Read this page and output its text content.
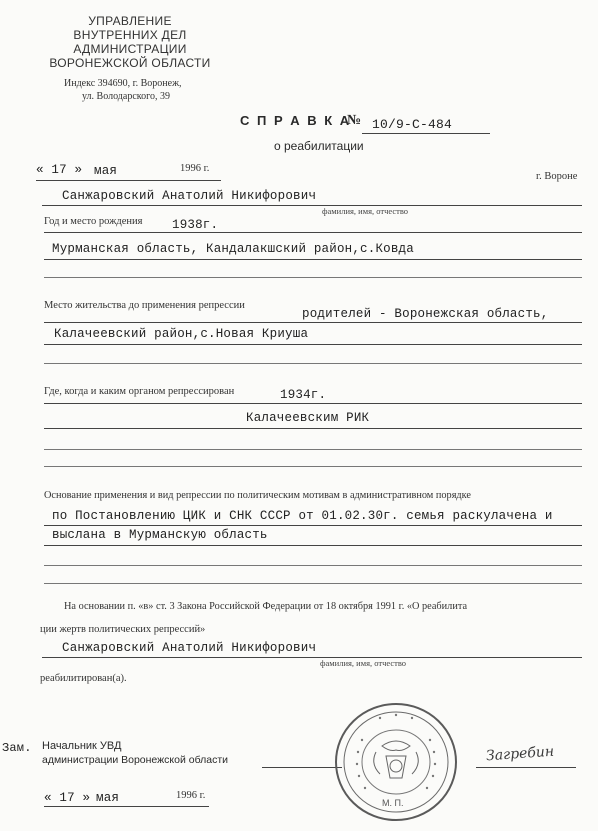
УПРАВЛЕНИЕ
ВНУТРЕННИХ ДЕЛ
АДМИНИСТРАЦИИ
ВОРОНЕЖСКОЙ ОБЛАСТИ
Индекс 394690, г. Воронеж,
ул. Володарского, 39
С П Р А В К А
№ 10/9-С-484
о реабилитации
« 17 » мая	1996 г.
г. Вороне
Санжаровский Анатолий Никифорович
фамилия, имя, отчество
Год и место рождения 1938г.
Мурманская область, Кандалакшский район,с.Ковда
Место жительства до применения репрессии
родителей - Воронежская область,
Калачеевский район,с.Новая Криуша
Где, когда и каким органом репрессирован	1934г.
Калачеевским РИК
Основание применения и вид репрессии по политическим мотивам в административном порядке
по Постановлению ЦИК и СНК СССР от 01.02.30г. семья раскулачена и
выслана в Мурманскую область
На основании п. «в» ст. 3 Закона Российской Федерации от 18 октября 1991 г. «О реабилита
ции жертв политических репрессий»
Санжаровский Анатолий Никифорович
фамилия, имя, отчество
реабилитирован(а).
Зам. Начальник УВД
администрации Воронежской области	Загребин
« 17 » мая	1996 г.
М. П.
